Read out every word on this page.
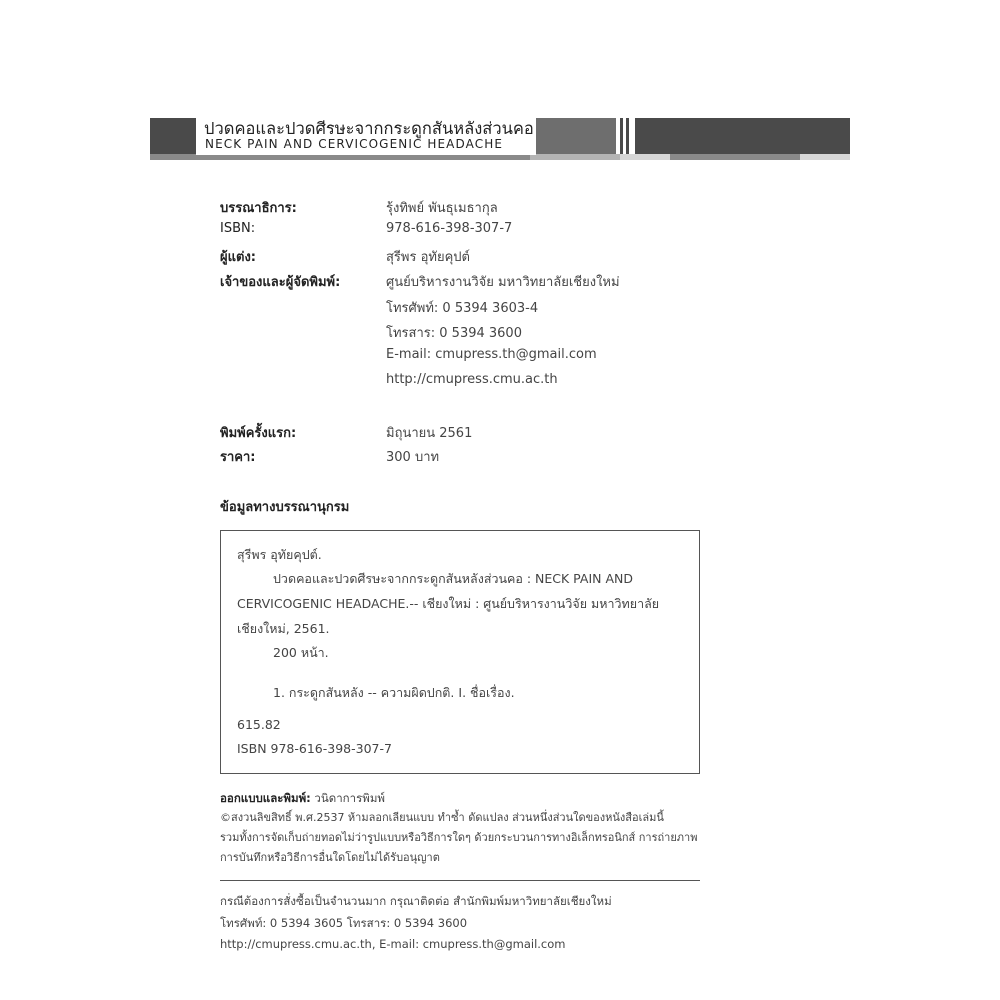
ปวดคอและปวดศีรษะจากกระดูกสันหลังส่วนคอ
NECK PAIN AND CERVICOGENIC HEADACHE
บรรณาธิการ:	รุ้งทิพย์ พันธุเมธากุล
ISBN:	978-616-398-307-7
ผู้แต่ง:	สุรีพร อุทัยคุปต์
เจ้าของและผู้จัดพิมพ์:	ศูนย์บริหารงานวิจัย มหาวิทยาลัยเชียงใหม่
โทรศัพท์: 0 5394 3603-4
โทรสาร: 0 5394 3600
E-mail: cmupress.th@gmail.com
http://cmupress.cmu.ac.th
พิมพ์ครั้งแรก:	มิถุนายน 2561
ราคา:	300 บาท
ข้อมูลทางบรรณานุกรม
สุรีพร อุทัยคุปต์.
ปวดคอและปวดศีรษะจากกระดูกสันหลังส่วนคอ : NECK PAIN AND
CERVICOGENIC HEADACHE.-- เชียงใหม่ : ศูนย์บริหารงานวิจัย มหาวิทยาลัย
เชียงใหม่, 2561.
200 หน้า.
1. กระดูกสันหลัง -- ความผิดปกติ. I. ชื่อเรื่อง.
615.82
ISBN 978-616-398-307-7
ออกแบบและพิมพ์: วนิดาการพิมพ์
©สงวนลิขสิทธิ์ พ.ศ.2537 ห้ามลอกเลียนแบบ ทำซ้ำ ดัดแปลง ส่วนหนึ่งส่วนใดของหนังสือเล่มนี้
รวมทั้งการจัดเก็บถ่ายทอดไม่ว่ารูปแบบหรือวิธีการใดๆ ด้วยกระบวนการทางอิเล็กทรอนิกส์ การถ่ายภาพ
การบันทึกหรือวิธีการอื่นใดโดยไม่ได้รับอนุญาต
กรณีต้องการสั่งซื้อเป็นจำนวนมาก กรุณาติดต่อ สำนักพิมพ์มหาวิทยาลัยเชียงใหม่
โทรศัพท์: 0 5394 3605 โทรสาร: 0 5394 3600
http://cmupress.cmu.ac.th, E-mail: cmupress.th@gmail.com
